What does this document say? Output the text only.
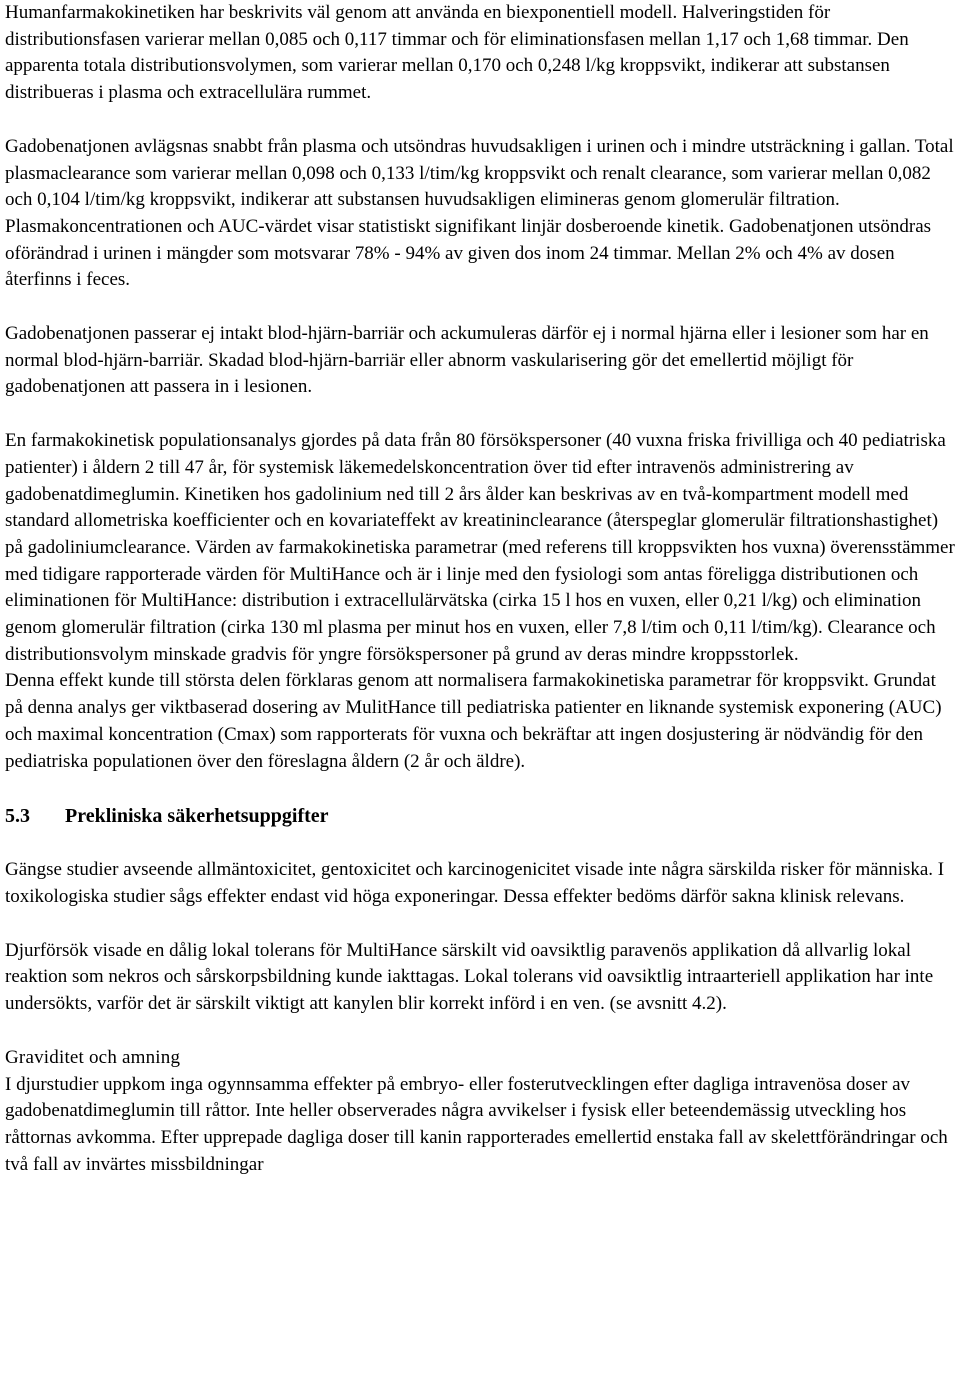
Humanfarmakokinetiken har beskrivits väl genom att använda en biexponentiell modell. Halveringstiden för distributionsfasen varierar mellan 0,085 och 0,117 timmar och för eliminationsfasen mellan 1,17 och 1,68 timmar. Den apparenta totala distributionsvolymen, som varierar mellan 0,170 och 0,248 l/kg kroppsvikt, indikerar att substansen distribueras i plasma och extracellulära rummet.

Gadobenatjonen avlägsnas snabbt från plasma och utsöndras huvudsakligen i urinen och i mindre utsträckning i gallan. Total plasmaclearance som varierar mellan 0,098 och 0,133 l/tim/kg kroppsvikt och renalt clearance, som varierar mellan 0,082 och 0,104 l/tim/kg kroppsvikt, indikerar att substansen huvudsakligen elimineras genom glomerulär filtration. Plasmakoncentrationen och AUC-värdet visar statistiskt signifikant linjär dosberoende kinetik. Gadobenatjonen utsöndras oförändrad i urinen i mängder som motsvarar 78% - 94% av given dos inom 24 timmar. Mellan 2% och 4% av dosen återfinns i feces.

Gadobenatjonen passerar ej intakt blod-hjärn-barriär och ackumuleras därför ej i normal hjärna eller i lesioner som har en normal blod-hjärn-barriär. Skadad blod-hjärn-barriär eller abnorm vaskularisering gör det emellertid möjligt för gadobenatjonen att passera in i lesionen.

En farmakokinetisk populationsanalys gjordes på data från 80 försökspersoner (40 vuxna friska frivilliga och 40 pediatriska patienter) i åldern 2 till 47 år, för systemisk läkemedelskoncentration över tid efter intravenös administrering av gadobenatdimeglumin. Kinetiken hos gadolinium ned till 2 års ålder kan beskrivas av en två-kompartment modell med standard allometriska koefficienter och en kovariateffekt av kreatininclearance (återspeglar glomerulär filtrationshastighet) på gadoliniumclearance. Värden av farmakokinetiska parametrar (med referens till kroppsvikten hos vuxna) överensstämmer med tidigare rapporterade värden för MultiHance och är i linje med den fysiologi som antas föreligga distributionen och eliminationen för MultiHance: distribution i extracellulärvätska (cirka 15 l hos en vuxen, eller 0,21 l/kg) och elimination genom glomerulär filtration (cirka 130 ml plasma per minut hos en vuxen, eller 7,8 l/tim och 0,11 l/tim/kg). Clearance och distributionsvolym minskade gradvis för yngre försökspersoner på grund av deras mindre kroppsstorlek.

Denna effekt kunde till största delen förklaras genom att normalisera farmakokinetiska parametrar för kroppsvikt. Grundat på denna analys ger viktbaserad dosering av MulitHance till pediatriska patienter en liknande systemisk exponering (AUC) och maximal koncentration (Cmax) som rapporterats för vuxna och bekräftar att ingen dosjustering är nödvändig för den pediatriska populationen över den föreslagna åldern (2 år och äldre).

5.3	Prekliniska säkerhetsuppgifter

Gängse studier avseende allmäntoxicitet, gentoxicitet och karcinogenicitet visade inte några särskilda risker för människa. I toxikologiska studier sågs effekter endast vid höga exponeringar. Dessa effekter bedöms därför sakna klinisk relevans.

Djurförsök visade en dålig lokal tolerans för MultiHance särskilt vid oavsiktlig paravenös applikation då allvarlig lokal reaktion som nekros och sårskorpsbildning kunde iakttagas. Lokal tolerans vid oavsiktlig intraarteriell applikation har inte undersökts, varför det är särskilt viktigt att kanylen blir korrekt införd i en ven. (se avsnitt 4.2).

Graviditet och amning

I djurstudier uppkom inga ogynnsamma effekter på embryo- eller fosterutvecklingen efter dagliga intravenösa doser av gadobenatdimeglumin till råttor. Inte heller observerades några avvikelser i fysisk eller beteendemässig utveckling hos råttornas avkomma. Efter upprepade dagliga doser till kanin rapporterades emellertid enstaka fall av skelettförändringar och två fall av invärtes missbildningar
